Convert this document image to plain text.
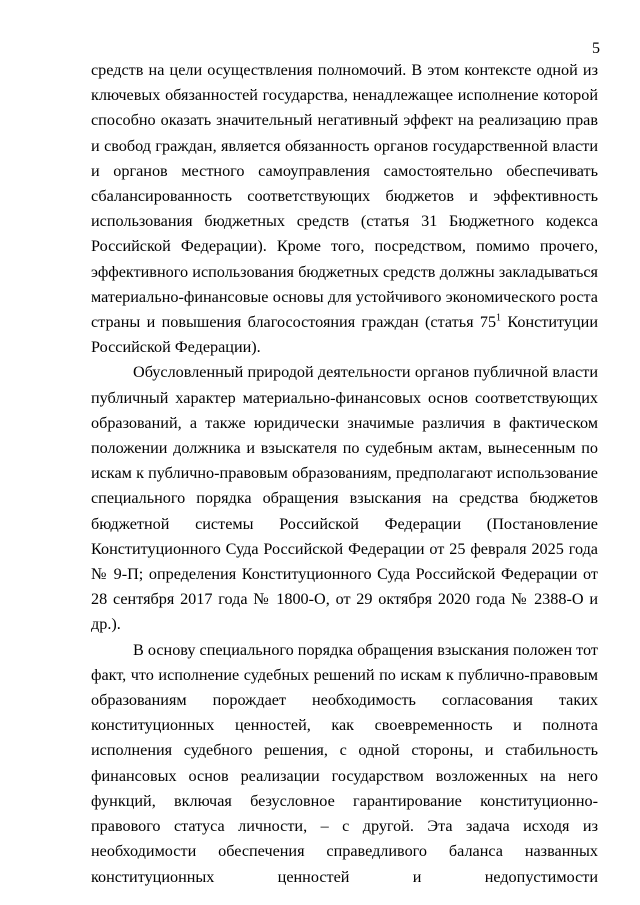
5

средств на цели осуществления полномочий. В этом контексте одной из ключевых обязанностей государства, ненадлежащее исполнение которой способно оказать значительный негативный эффект на реализацию прав и свобод граждан, является обязанность органов государственной власти и органов местного самоуправления самостоятельно обеспечивать сбалансированность соответствующих бюджетов и эффективность использования бюджетных средств (статья 31 Бюджетного кодекса Российской Федерации). Кроме того, посредством, помимо прочего, эффективного использования бюджетных средств должны закладываться материально-финансовые основы для устойчивого экономического роста страны и повышения благосостояния граждан (статья $75^1$ Конституции Российской Федерации).

Обусловленный природой деятельности органов публичной власти публичный характер материально-финансовых основ соответствующих образований, а также юридически значимые различия в фактическом положении должника и взыскателя по судебным актам, вынесенным по искам к публично-правовым образованиям, предполагают использование специального порядка обращения взыскания на средства бюджетов бюджетной системы Российской Федерации (Постановление Конституционного Суда Российской Федерации от 25 февраля 2025 года № 9-П; определения Конституционного Суда Российской Федерации от 28 сентября 2017 года № 1800-О, от 29 октября 2020 года № 2388-О и др.).

В основу специального порядка обращения взыскания положен тот факт, что исполнение судебных решений по искам к публично-правовым образованиям порождает необходимость согласования таких конституционных ценностей, как своевременность и полнота исполнения судебного решения, с одной стороны, и стабильность финансовых основ реализации государством возложенных на него функций, включая безусловное гарантирование конституционно-правового статуса личности, – с другой. Эта задача исходя из необходимости обеспечения справедливого баланса названных конституционных ценностей и недопустимости
